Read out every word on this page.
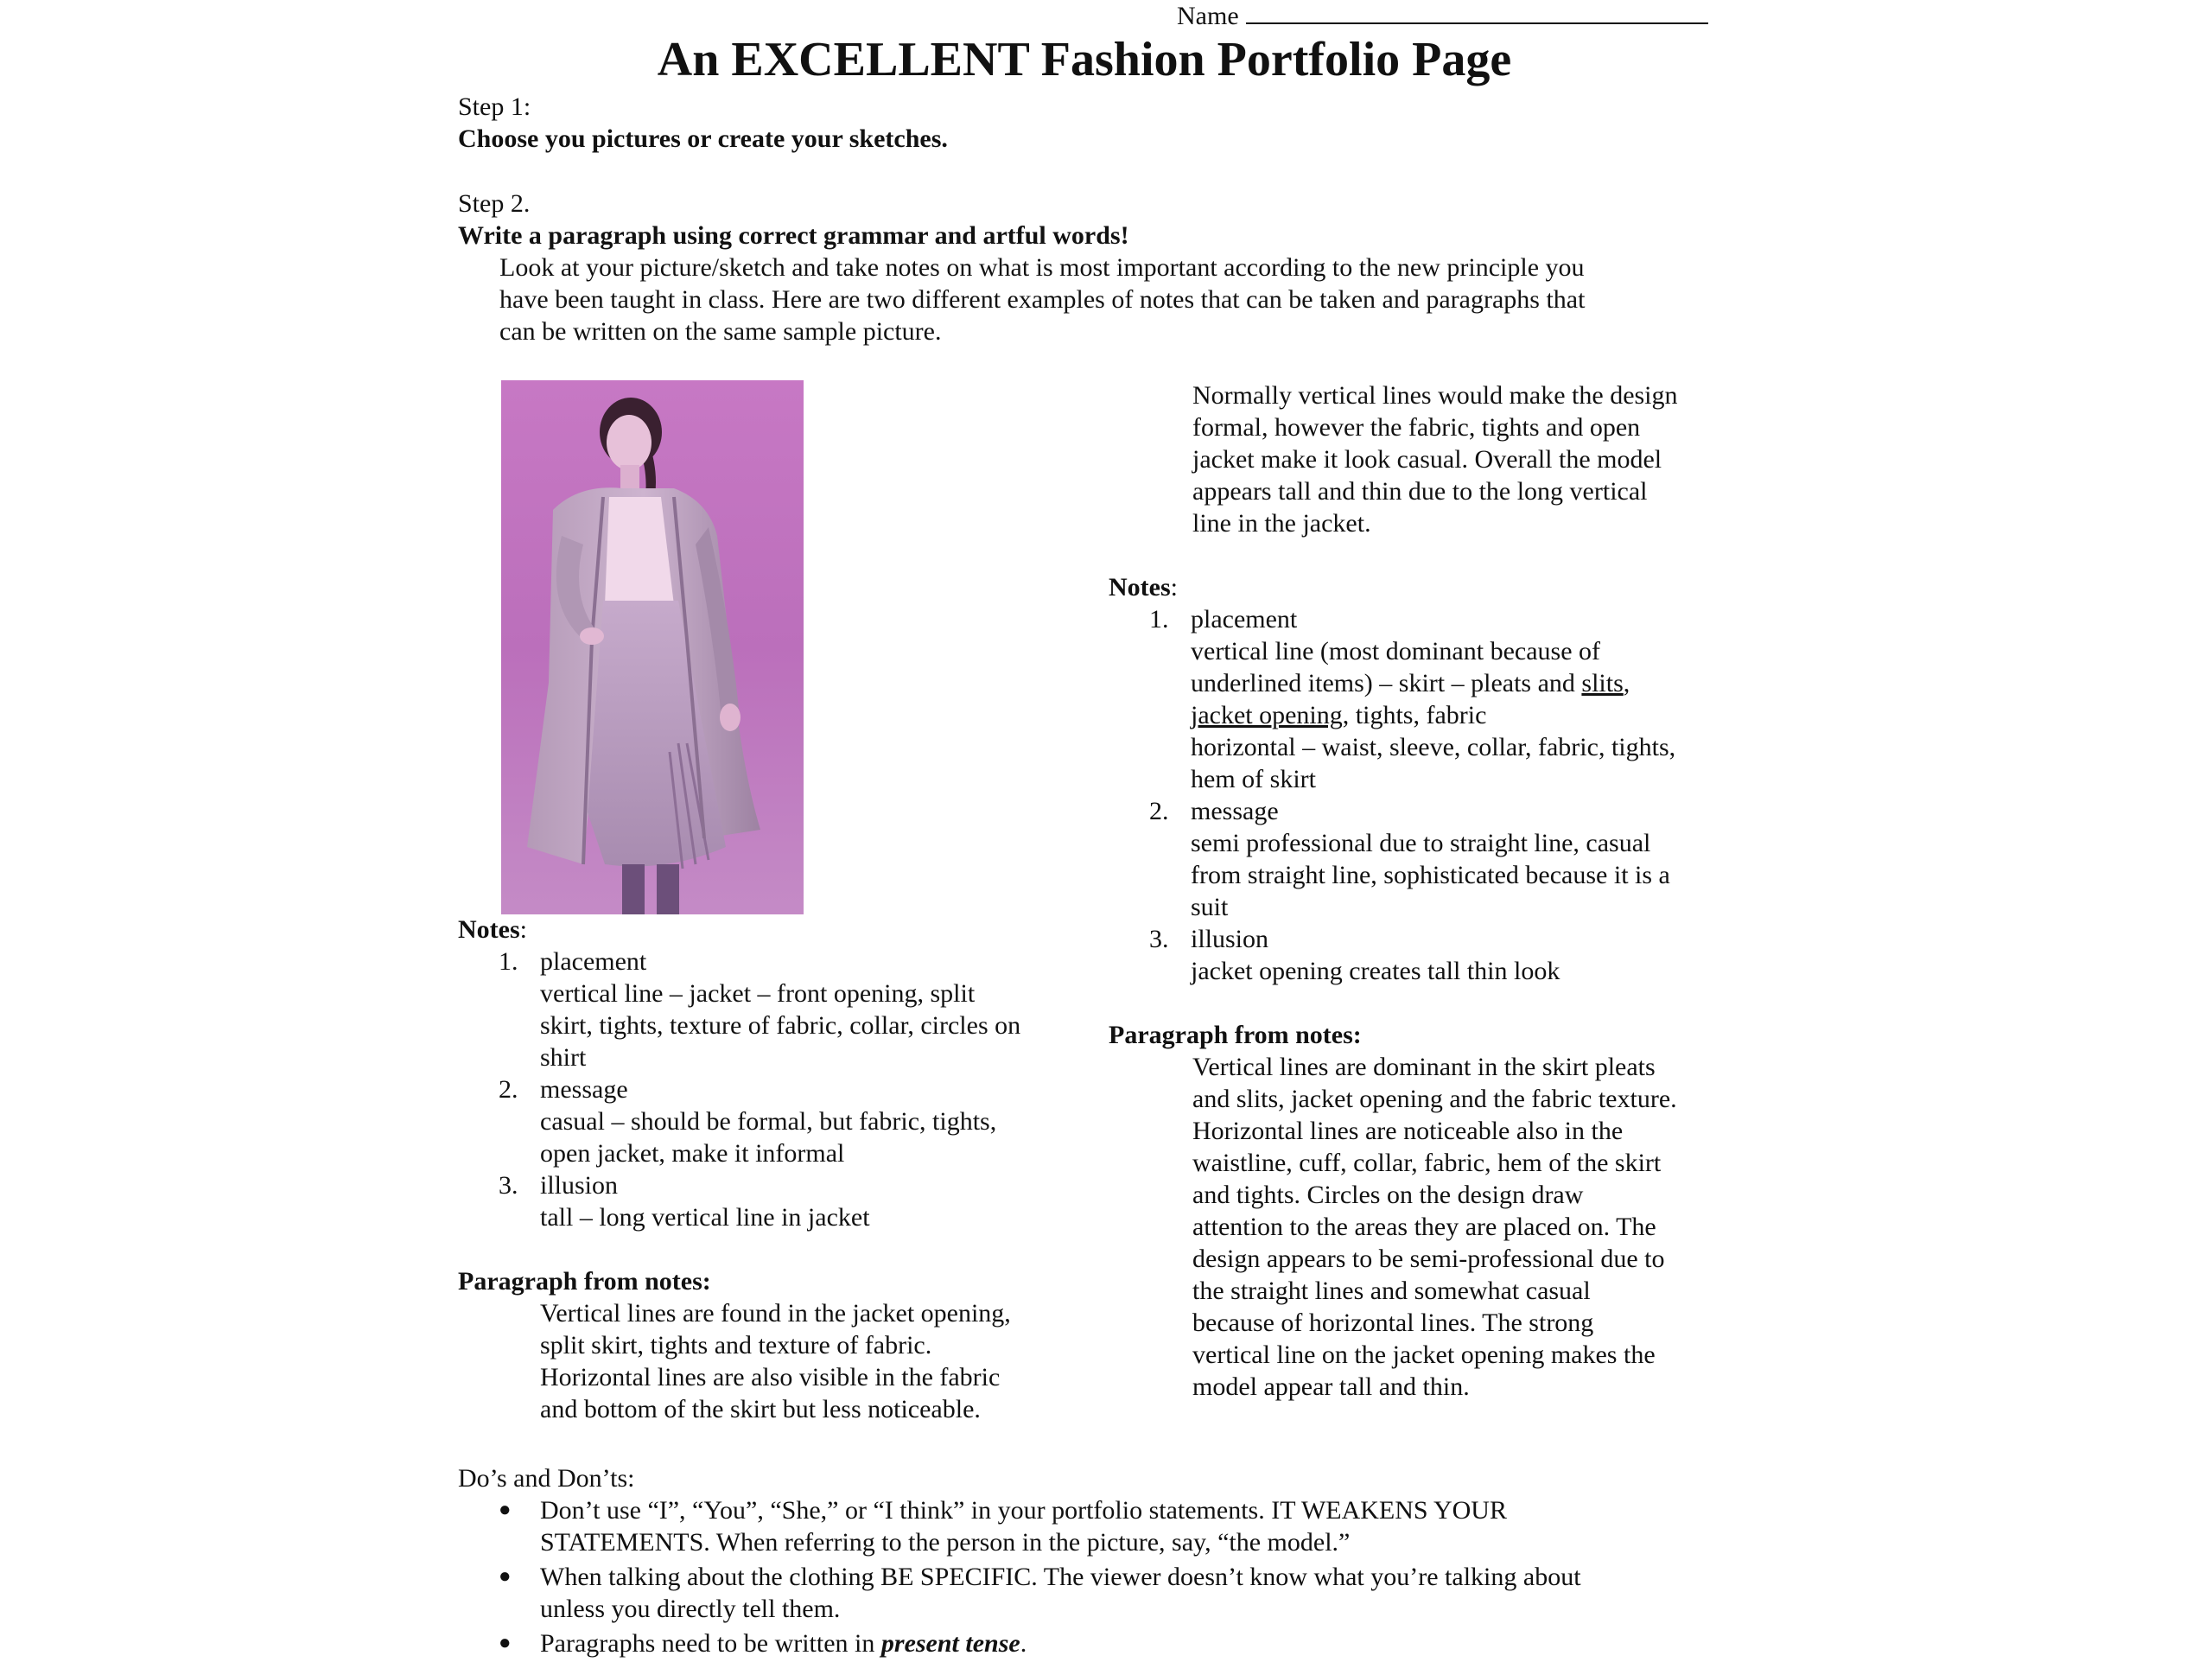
Name
An EXCELLENT Fashion Portfolio Page

Step 1:

Choose you pictures or create your sketches.

Step 2.

Write a paragraph using correct grammar and artful words!

Look at your picture/sketch and take notes on what is most important according to the new principle you

have been taught in class. Here are two different examples of notes that can be taken and paragraphs that

can be written on the same sample picture.

Notes:

1. placement
vertical line – jacket – front opening, split
skirt, tights, texture of fabric, collar, circles on
shirt
2. message
casual – should be formal, but fabric, tights,
open jacket, make it informal
3. illusion
tall – long vertical line in jacket

Paragraph from notes:

Vertical lines are found in the jacket opening,

split skirt, tights and texture of fabric.

Horizontal lines are also visible in the fabric

and bottom of the skirt but less noticeable.

Normally vertical lines would make the design

formal, however the fabric, tights and open

jacket make it look casual. Overall the model

appears tall and thin due to the long vertical

line in the jacket.

Notes:

1. placement
vertical line (most dominant because of
underlined items) – skirt – pleats and slits,
jacket opening, tights, fabric
horizontal – waist, sleeve, collar, fabric, tights,
hem of skirt
2. message
semi professional due to straight line, casual
from straight line, sophisticated because it is a
suit
3. illusion
jacket opening creates tall thin look

Paragraph from notes:

Vertical lines are dominant in the skirt pleats

and slits, jacket opening and the fabric texture.

Horizontal lines are noticeable also in the

waistline, cuff, collar, fabric, hem of the skirt

and tights. Circles on the design draw

attention to the areas they are placed on. The

design appears to be semi-professional due to

the straight lines and somewhat casual

because of horizontal lines. The strong

vertical line on the jacket opening makes the

model appear tall and thin.

Do’s and Don’ts:

● Don’t use “I”, “You”, “She,” or “I think” in your portfolio statements. IT WEAKENS YOUR
STATEMENTS. When referring to the person in the picture, say, “the model.”
● When talking about the clothing BE SPECIFIC. The viewer doesn’t know what you’re talking about
unless you directly tell them.
● Paragraphs need to be written in present tense.
